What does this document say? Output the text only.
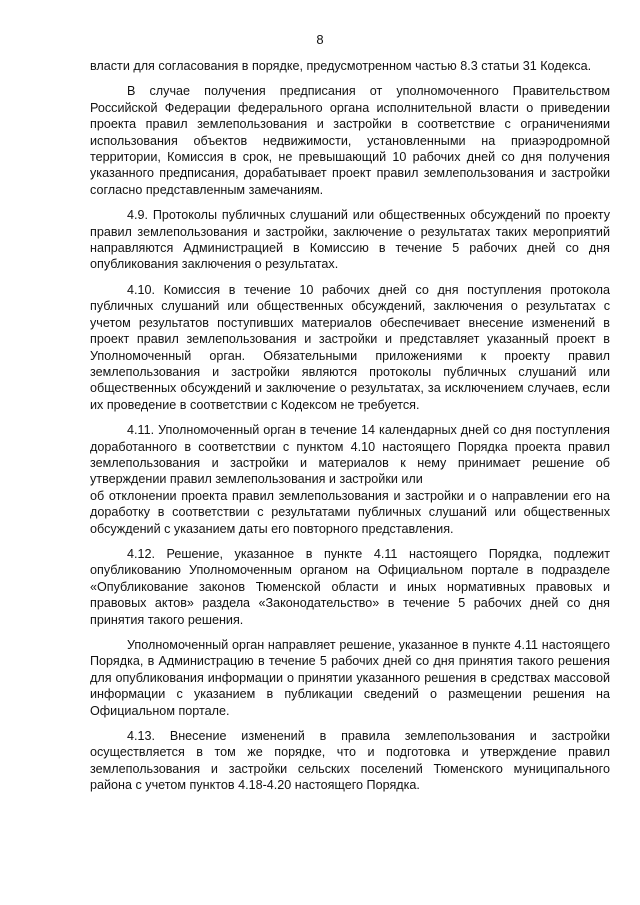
8

власти для согласования в порядке, предусмотренном частью 8.3 статьи 31 Кодекса.

В случае получения предписания от уполномоченного Правительством Российской Федерации федерального органа исполнительной власти о приведении проекта правил землепользования и застройки в соответствие с ограничениями использования объектов недвижимости, установленными на приаэродромной территории, Комиссия в срок, не превышающий 10 рабочих дней со дня получения указанного предписания, дорабатывает проект правил землепользования и застройки согласно представленным замечаниям.

4.9. Протоколы публичных слушаний или общественных обсуждений по проекту правил землепользования и застройки, заключение о результатах таких мероприятий направляются Администрацией в Комиссию в течение 5 рабочих дней со дня опубликования заключения о результатах.

4.10. Комиссия в течение 10 рабочих дней со дня поступления протокола публичных слушаний или общественных обсуждений, заключения о результатах с учетом результатов поступивших материалов обеспечивает внесение изменений в проект правил землепользования и застройки и представляет указанный проект в Уполномоченный орган. Обязательными приложениями к проекту правил землепользования и застройки являются протоколы публичных слушаний или общественных обсуждений и заключение о результатах, за исключением случаев, если их проведение в соответствии с Кодексом не требуется.

4.11. Уполномоченный орган в течение 14 календарных дней со дня поступления доработанного в соответствии с пунктом 4.10 настоящего Порядка проекта правил землепользования и застройки и материалов к нему принимает решение об утверждении правил землепользования и застройки или

об отклонении проекта правил землепользования и застройки и о направлении его на доработку в соответствии с результатами публичных слушаний или общественных обсуждений с указанием даты его повторного представления.

4.12. Решение, указанное в пункте 4.11 настоящего Порядка, подлежит опубликованию Уполномоченным органом на Официальном портале в подразделе «Опубликование законов Тюменской области и иных нормативных правовых и правовых актов» раздела «Законодательство» в течение 5 рабочих дней со дня принятия такого решения.

Уполномоченный орган направляет решение, указанное в пункте 4.11 настоящего Порядка, в Администрацию в течение 5 рабочих дней со дня принятия такого решения для опубликования информации о принятии указанного решения в средствах массовой информации с указанием в публикации сведений о размещении решения на Официальном портале.

4.13. Внесение изменений в правила землепользования и застройки осуществляется в том же порядке, что и подготовка и утверждение правил землепользования и застройки сельских поселений Тюменского муниципального района с учетом пунктов 4.18-4.20 настоящего Порядка.
